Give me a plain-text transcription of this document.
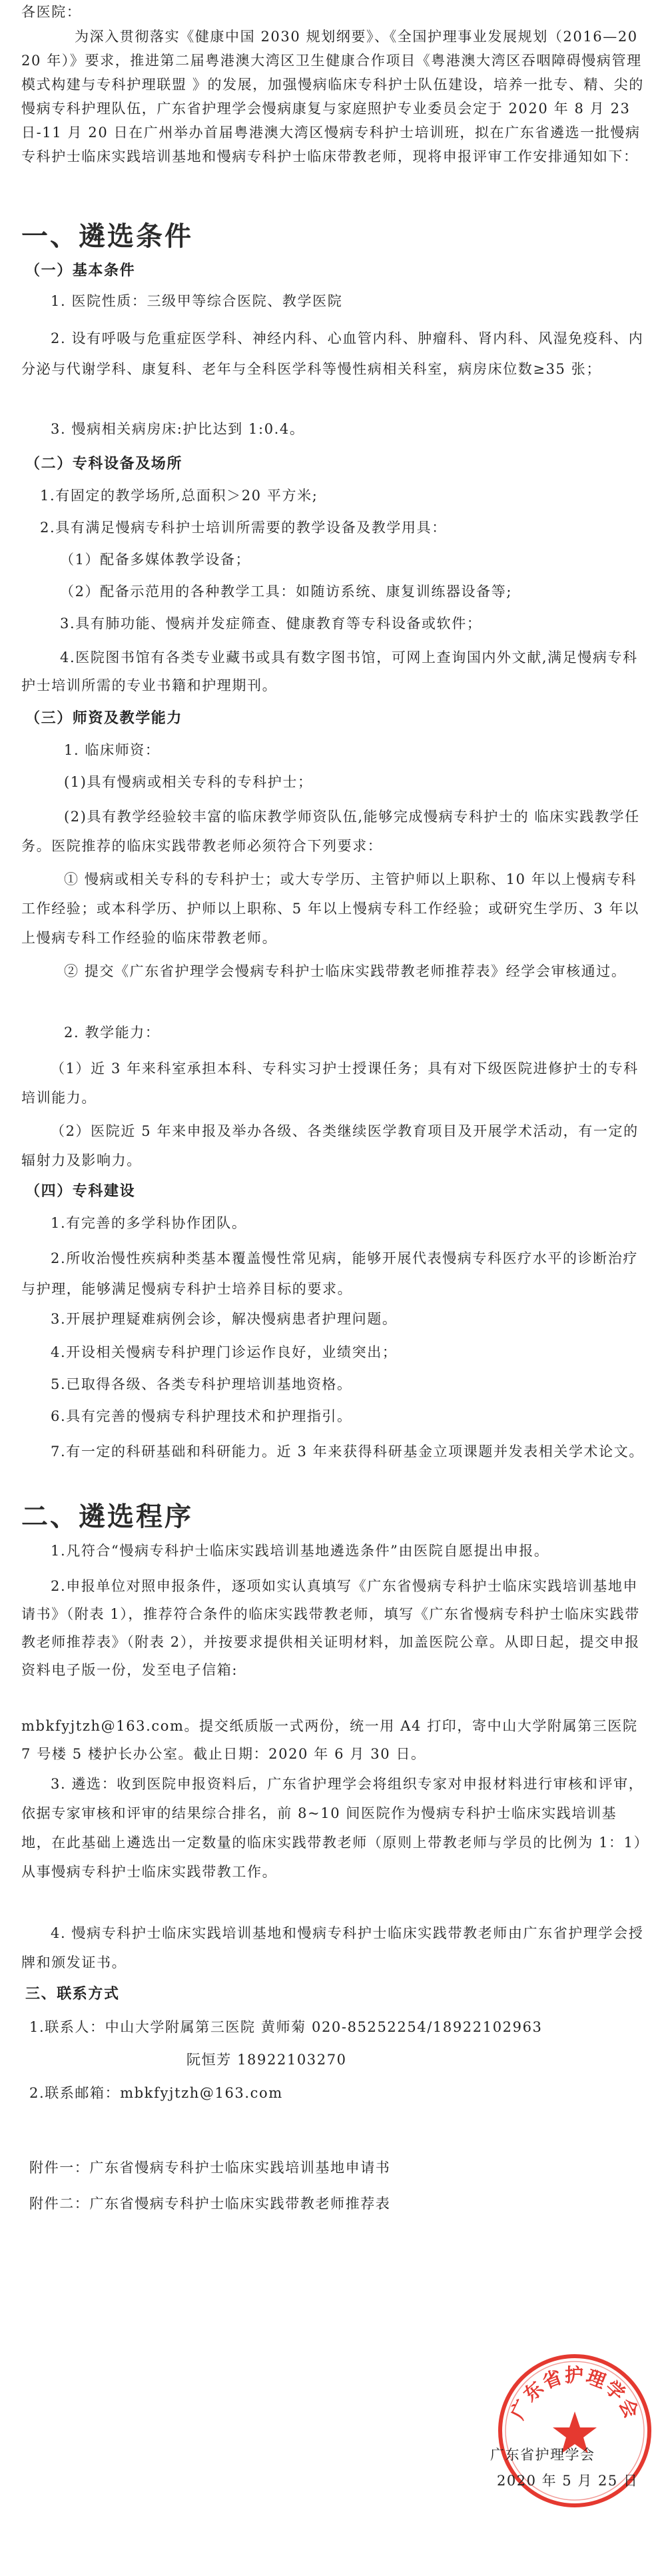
各医院：
为深入贯彻落实《健康中国 2030 规划纲要》、《全国护理事业发展规划（2016—2020 年）》要求，推进第二届粤港澳大湾区卫生健康合作项目《粤港澳大湾区吞咽障碍慢病管理模式构建与专科护理联盟 》的发展，加强慢病临床专科护士队伍建设，培养一批专、精、尖的慢病专科护理队伍，广东省护理学会慢病康复与家庭照护专业委员会定于 2020 年 8 月 23 日-11 月 20 日在广州举办首届粤港澳大湾区慢病专科护士培训班，拟在广东省遴选一批慢病专科护士临床实践培训基地和慢病专科护士临床带教老师，现将申报评审工作安排通知如下：
一、遴选条件
（一）基本条件
1. 医院性质：三级甲等综合医院、教学医院
2. 设有呼吸与危重症医学科、神经内科、心血管内科、肿瘤科、肾内科、风湿免疫科、内分泌与代谢学科、康复科、老年与全科医学科等慢性病相关科室，病房床位数≥35 张；
3. 慢病相关病房床:护比达到 1:0.4。
（二）专科设备及场所
1.有固定的教学场所,总面积＞20 平方米;
2.具有满足慢病专科护士培训所需要的教学设备及教学用具：
（1）配备多媒体教学设备；
（2）配备示范用的各种教学工具：如随访系统、康复训练器设备等;
3.具有肺功能、慢病并发症筛查、健康教育等专科设备或软件；
4.医院图书馆有各类专业藏书或具有数字图书馆，可网上查询国内外文献,满足慢病专科护士培训所需的专业书籍和护理期刊。
（三）师资及教学能力
1. 临床师资：
(1)具有慢病或相关专科的专科护士；
(2)具有教学经验较丰富的临床教学师资队伍,能够完成慢病专科护士的 临床实践教学任务。医院推荐的临床实践带教老师必须符合下列要求：
① 慢病或相关专科的专科护士；或大专学历、主管护师以上职称、10 年以上慢病专科工作经验；或本科学历、护师以上职称、5 年以上慢病专科工作经验；或研究生学历、3 年以上慢病专科工作经验的临床带教老师。
② 提交《广东省护理学会慢病专科护士临床实践带教老师推荐表》经学会审核通过。
2. 教学能力：
（1）近 3 年来科室承担本科、专科实习护士授课任务；具有对下级医院进修护士的专科培训能力。
（2）医院近 5 年来申报及举办各级、各类继续医学教育项目及开展学术活动，有一定的辐射力及影响力。
（四）专科建设
1.有完善的多学科协作团队。
2.所收治慢性疾病种类基本覆盖慢性常见病，能够开展代表慢病专科医疗水平的诊断治疗与护理，能够满足慢病专科护士培养目标的要求。
3.开展护理疑难病例会诊，解决慢病患者护理问题。
4.开设相关慢病专科护理门诊运作良好，业绩突出；
5.已取得各级、各类专科护理培训基地资格。
6.具有完善的慢病专科护理技术和护理指引。
7.有一定的科研基础和科研能力。近 3 年来获得科研基金立项课题并发表相关学术论文。
二、遴选程序
1.凡符合“慢病专科护士临床实践培训基地遴选条件”由医院自愿提出申报。
2.申报单位对照申报条件，逐项如实认真填写《广东省慢病专科护士临床实践培训基地申请书》（附表 1），推荐符合条件的临床实践带教老师，填写《广东省慢病专科护士临床实践带教老师推荐表》（附表 2），并按要求提供相关证明材料，加盖医院公章。从即日起，提交申报资料电子版一份，发至电子信箱:
mbkfyjtzh@163.com。提交纸质版一式两份，统一用 A4 打印，寄中山大学附属第三医院 7 号楼 5 楼护长办公室。截止日期：2020 年 6 月 30 日。
3. 遴选：收到医院申报资料后，广东省护理学会将组织专家对申报材料进行审核和评审，依据专家审核和评审的结果综合排名，前 8~10 间医院作为慢病专科护士临床实践培训基地，在此基础上遴选出一定数量的临床实践带教老师（原则上带教老师与学员的比例为 1：1）从事慢病专科护士临床实践带教工作。
4. 慢病专科护士临床实践培训基地和慢病专科护士临床实践带教老师由广东省护理学会授牌和颁发证书。
三、联系方式
1.联系人：中山大学附属第三医院 黄师菊 020-85252254/18922102963
阮恒芳 18922103270
2.联系邮箱：mbkfyjtzh@163.com
附件一：广东省慢病专科护士临床实践培训基地申请书
附件二：广东省慢病专科护士临床实践带教老师推荐表
广东省护理学会
广东省护理学会
2020 年 5 月 25 日
